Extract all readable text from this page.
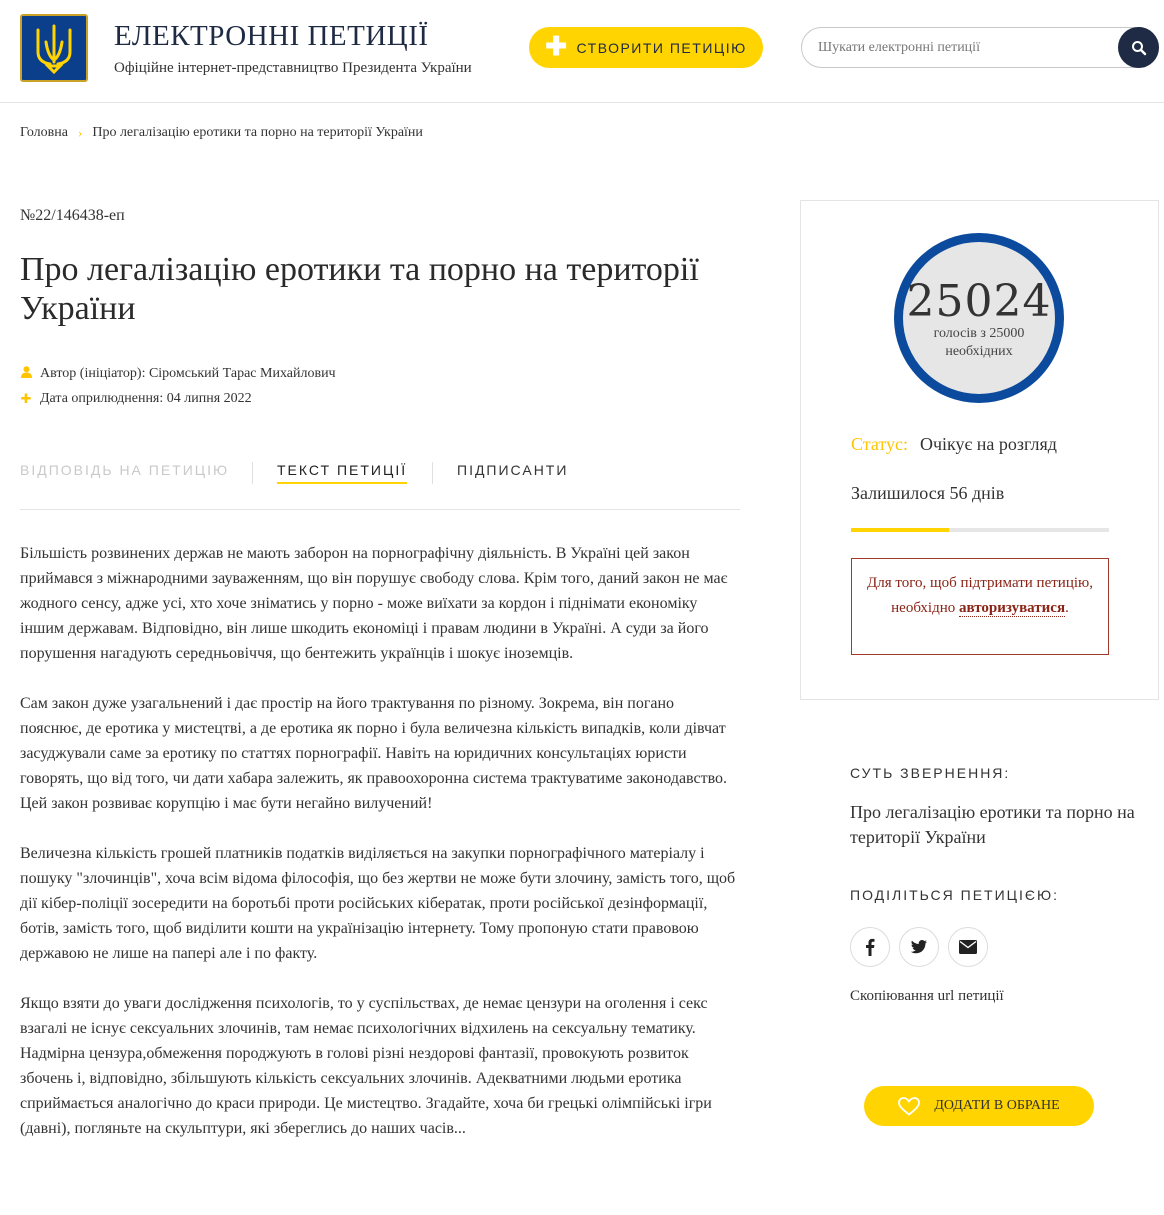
ЕЛЕКТРОННІ ПЕТИЦІЇ
Офіційне інтернет-представництво Президента України
✚ СТВОРИТИ ПЕТИЦІЮ
Шукати електронні петиції
Головна › Про легалізацію еротики та порно на території України
№22/146438-еп
Про легалізацію еротики та порно на території України
Автор (ініціатор): Сіромський Тарас Михайлович
✚ Дата оприлюднення: 04 липня 2022
ВІДПОВІДЬ НА ПЕТИЦІЮ	ТЕКСТ ПЕТИЦІЇ	ПІДПИСАНТИ

Більшість розвинених держав не мають заборон на порнографічну діяльність. В Україні цей закон приймався з міжнародними зауваженням, що він порушує свободу слова. Крім того, даний закон не має жодного сенсу, адже усі, хто хоче зніматись у порно - може виїхати за кордон і піднімати економіку іншим державам. Відповідно, він лише шкодить економіці і правам людини в Україні. А суди за його порушення нагадують середньовіччя, що бентежить українців і шокує іноземців.

Сам закон дуже узагальнений і дає простір на його трактування по різному. Зокрема, він погано пояснює, де еротика у мистецтві, а де еротика як порно і була величезна кількість випадків, коли дівчат засуджували саме за еротику по статтях порнографії. Навіть на юридичних консультаціях юристи говорять, що від того, чи дати хабара залежить, як правоохоронна система трактуватиме законодавство. Цей закон розвиває корупцію і має бути негайно вилучений!

Величезна кількість грошей платників податків виділяється на закупки порнографічного матеріалу і пошуку "злочинців", хоча всім відома філософія, що без жертви не може бути злочину, замість того, щоб дії кібер-поліції зосередити на боротьбі проти російських кібератак, проти російської дезінформації, ботів, замість того, щоб виділити кошти на українізацію інтернету. Тому пропоную стати правовою державою не лише на папері але і по факту.

Якщо взяти до уваги дослідження психологів, то у суспільствах, де немає цензури на оголення і секс взагалі не існує сексуальних злочинів, там немає психологічних відхилень на сексуальну тематику. Надмірна цензура,обмеження породжують в голові різні нездорові фантазії, провокують розвиток збочень і, відповідно, збільшують кількість сексуальних злочинів. Адекватними людьми еротика сприймається аналогічно до краси природи. Це мистецтво. Згадайте, хоча би грецькі олімпійські ігри (давні), погляньте на скульптури, які збереглись до наших часів...

25024
голосів з 25000
необхідних
Статус: Очікує на розгляд
Залишилося 56 днів
Для того, щоб підтримати петицію, необхідно авторизуватися.
СУТЬ ЗВЕРНЕННЯ:
Про легалізацію еротики та порно на території України
ПОДІЛІТЬСЯ ПЕТИЦІЄЮ:
Скопіювання url петиції
ДОДАТИ В ОБРАНЕ
